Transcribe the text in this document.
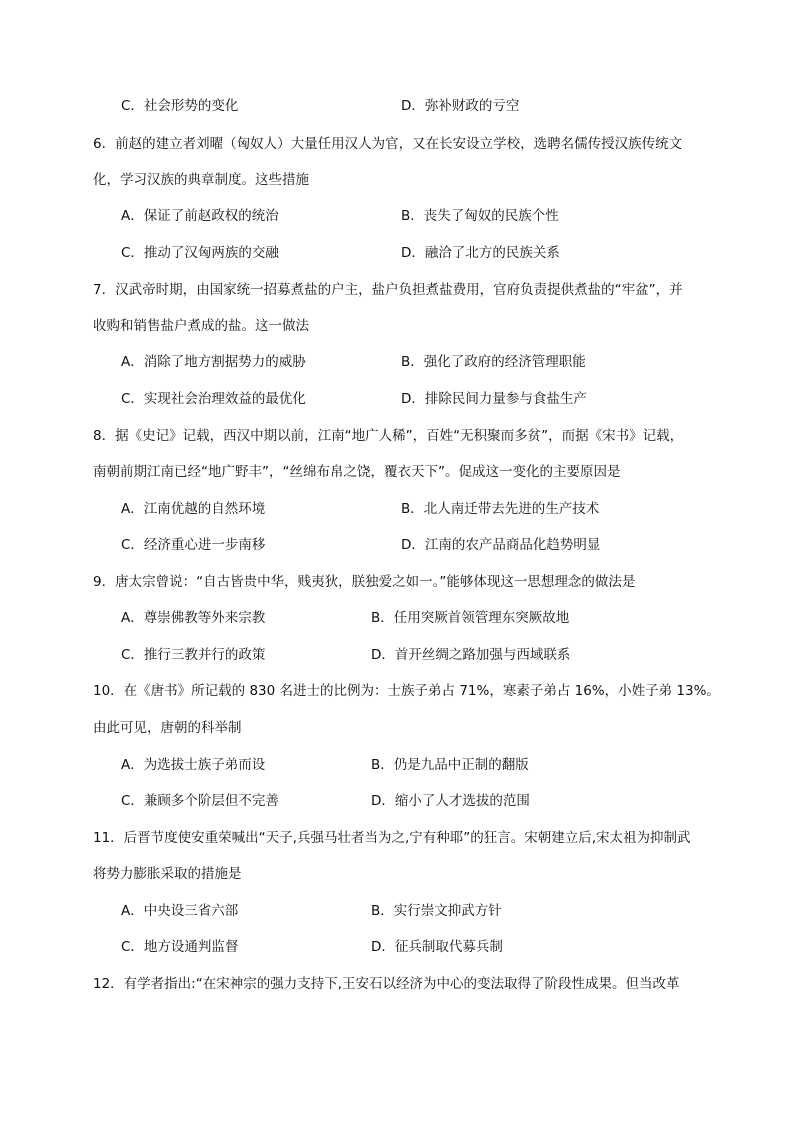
C．社会形势的变化	D．弥补财政的亏空
6．前赵的建立者刘曜（匈奴人）大量任用汉人为官，又在长安设立学校，选聘名儒传授汉族传统文
化，学习汉族的典章制度。这些措施
A．保证了前赵政权的统治	B．丧失了匈奴的民族个性
C．推动了汉匈两族的交融	D．融洽了北方的民族关系
7．汉武帝时期，由国家统一招募煮盐的户主，盐户负担煮盐费用，官府负责提供煮盐的“牢盆”，并
收购和销售盐户煮成的盐。这一做法
A．消除了地方割据势力的威胁	B．强化了政府的经济管理职能
C．实现社会治理效益的最优化	D．排除民间力量参与食盐生产
8．据《史记》记载，西汉中期以前，江南“地广人稀”，百姓“无积聚而多贫”，而据《宋书》记载，
南朝前期江南已经“地广野丰”，“丝绵布帛之饶，覆衣天下”。促成这一变化的主要原因是
A．江南优越的自然环境	B．北人南迁带去先进的生产技术
C．经济重心进一步南移	D．江南的农产品商品化趋势明显
9．唐太宗曾说：“自古皆贵中华，贱夷狄，朕独爱之如一。”能够体现这一思想理念的做法是
A．尊崇佛教等外来宗教	B．任用突厥首领管理东突厥故地
C．推行三教并行的政策	D．首开丝绸之路加强与西域联系
10．在《唐书》所记载的 830 名进士的比例为：士族子弟占 71%，寒素子弟占 16%，小姓子弟 13%。
由此可见，唐朝的科举制
A．为选拔士族子弟而设	B．仍是九品中正制的翻版
C．兼顾多个阶层但不完善	D．缩小了人才选拔的范围
11．后晋节度使安重荣喊出“天子,兵强马壮者当为之,宁有种耶”的狂言。宋朝建立后,宋太祖为抑制武
将势力膨胀采取的措施是
A．中央设三省六部	B．实行崇文抑武方针
C．地方设通判监督	D．征兵制取代募兵制
12．有学者指出:“在宋神宗的强力支持下,王安石以经济为中心的变法取得了阶段性成果。但当改革
